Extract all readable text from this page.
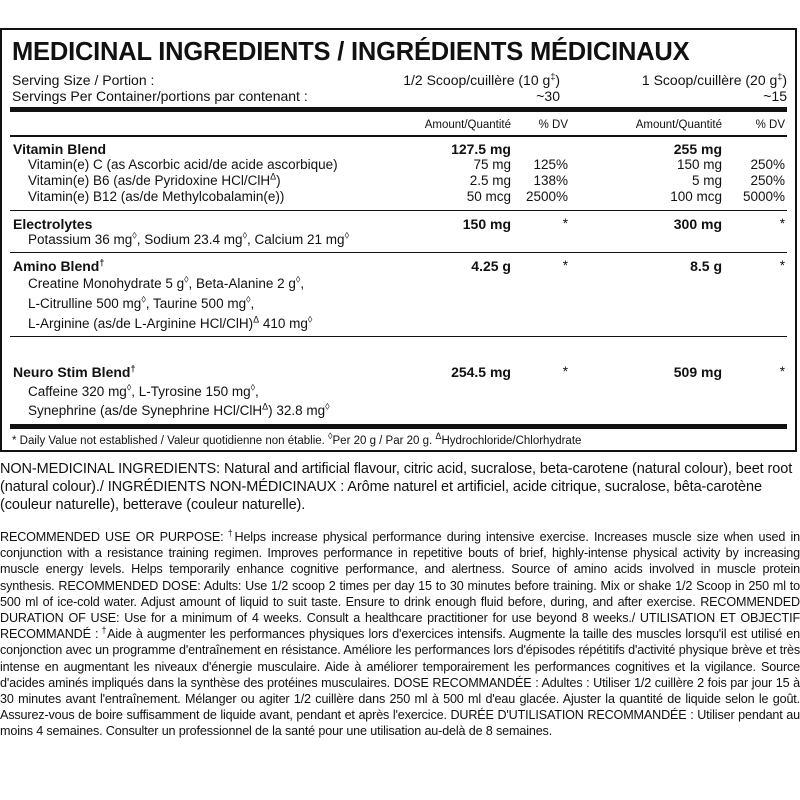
MEDICINAL INGREDIENTS / INGRÉDIENTS MÉDICINAUX
Serving Size / Portion :	1/2 Scoop/cuillère (10 g‡)	1 Scoop/cuillère (20 g‡)
Servings Per Container/portions par contenant :	~30	~15
Amount/Quantité % DV	Amount/Quantité	% DV
Vitamin Blend	127.5 mg	255 mg
Vitamin(e) C (as Ascorbic acid/de acide ascorbique)	75 mg 125%	150 mg 250%
Vitamin(e) B6 (as/de Pyridoxine HCl/ClH$^\Delta$)	2.5 mg 138%	5 mg 250%
Vitamin(e) B12 (as/de Methylcobalamin(e))	50 mcg 2500%	100 mcg 5000%
Electrolytes	150 mg	*	300 mg	*
Potassium 36 mg◊, Sodium 23.4 mg◊, Calcium 21 mg◊
Amino Blend†	4.25 g	*	8.5 g	*
Creatine Monohydrate 5 g◊, Beta-Alanine 2 g◊,
L-Citrulline 500 mg◊, Taurine 500 mg◊,
L-Arginine (as/de L-Arginine HCl/ClH)$^\Delta$ 410 mg◊
Neuro Stim Blend†	254.5 mg	*	509 mg	*
Caffeine 320 mg◊, L-Tyrosine 150 mg◊,
Synephrine (as/de Synephrine HCl/ClH$^\Delta$) 32.8 mg◊
* Daily Value not established / Valeur quotidienne non établie. ◊Per 20 g / Par 20 g. $^\Delta$Hydrochloride/Chlorhydrate

NON-MEDICINAL INGREDIENTS: Natural and artificial flavour, citric acid, sucralose, beta-carotene (natural colour), beet root (natural colour)./ INGRÉDIENTS NON-MÉDICINAUX : Arôme naturel et artificiel, acide citrique, sucralose, bêta-carotène (couleur naturelle), betterave (couleur naturelle).

RECOMMENDED USE OR PURPOSE: †Helps increase physical performance during intensive exercise. Increases muscle size when used in conjunction with a resistance training regimen. Improves performance in repetitive bouts of brief, highly-intense physical activity by increasing muscle energy levels. Helps temporarily enhance cognitive performance, and alertness. Source of amino acids involved in muscle protein synthesis. RECOMMENDED DOSE: Adults: Use 1/2 scoop 2 times per day 15 to 30 minutes before training. Mix or shake 1/2 Scoop in 250 ml to 500 ml of ice-cold water. Adjust amount of liquid to suit taste. Ensure to drink enough fluid before, during, and after exercise. RECOMMENDED DURATION OF USE: Use for a minimum of 4 weeks. Consult a healthcare practitioner for use beyond 8 weeks./ UTILISATION ET OBJECTIF RECOMMANDÉ : †Aide à augmenter les performances physiques lors d'exercices intensifs. Augmente la taille des muscles lorsqu'il est utilisé en conjonction avec un programme d'entraînement en résistance. Améliore les performances lors d'épisodes répétitifs d'activité physique brève et très intense en augmentant les niveaux d'énergie musculaire. Aide à améliorer temporairement les performances cognitives et la vigilance. Source d'acides aminés impliqués dans la synthèse des protéines musculaires. DOSE RECOMMANDÉE : Adultes : Utiliser 1/2 cuillère 2 fois par jour 15 à 30 minutes avant l'entraînement. Mélanger ou agiter 1/2 cuillère dans 250 ml à 500 ml d'eau glacée. Ajuster la quantité de liquide selon le goût. Assurez-vous de boire suffisamment de liquide avant, pendant et après l'exercice. DURÉE D'UTILISATION RECOMMANDÉE : Utiliser pendant au moins 4 semaines. Consulter un professionnel de la santé pour une utilisation au-delà de 8 semaines.
